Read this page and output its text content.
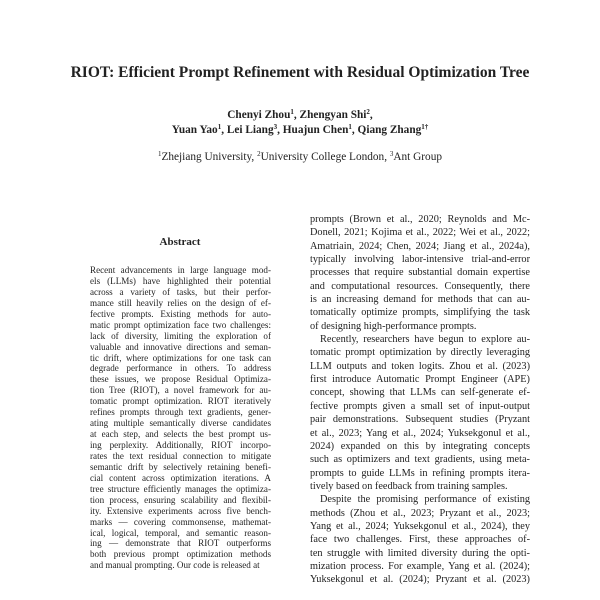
RIOT: Efficient Prompt Refinement with Residual Optimization Tree
Chenyi Zhou$^1$, Zhengyan Shi$^2$,
Yuan Yao$^1$, Lei Liang$^3$, Huajun Chen$^1$, Qiang Zhang$^{1\dagger}$
$^1$Zhejiang University, $^2$University College London, $^3$Ant Group
Abstract
Recent advancements in large language mod-
els (LLMs) have highlighted their potential
across a variety of tasks, but their perfor-
mance still heavily relies on the design of ef-
fective prompts. Existing methods for auto-
matic prompt optimization face two challenges:
lack of diversity, limiting the exploration of
valuable and innovative directions and seman-
tic drift, where optimizations for one task can
degrade performance in others. To address
these issues, we propose Residual Optimiza-
tion Tree (RIOT), a novel framework for au-
tomatic prompt optimization. RIOT iteratively
refines prompts through text gradients, gener-
ating multiple semantically diverse candidates
at each step, and selects the best prompt us-
ing perplexity. Additionally, RIOT incorpo-
rates the text residual connection to mitigate
semantic drift by selectively retaining benefi-
cial content across optimization iterations. A
tree structure efficiently manages the optimiza-
tion process, ensuring scalability and flexibil-
ity. Extensive experiments across five bench-
marks — covering commonsense, mathemat-
ical, logical, temporal, and semantic reason-
ing — demonstrate that RIOT outperforms
both previous prompt optimization methods
and manual prompting. Our code is released at
prompts (Brown et al., 2020; Reynolds and Mc-
Donell, 2021; Kojima et al., 2022; Wei et al., 2022;
Amatriain, 2024; Chen, 2024; Jiang et al., 2024a),
typically involving labor-intensive trial-and-error
processes that require substantial domain expertise
and computational resources. Consequently, there
is an increasing demand for methods that can au-
tomatically optimize prompts, simplifying the task
of designing high-performance prompts.
Recently, researchers have begun to explore au-
tomatic prompt optimization by directly leveraging
LLM outputs and token logits. Zhou et al. (2023)
first introduce Automatic Prompt Engineer (APE)
concept, showing that LLMs can self-generate ef-
fective prompts given a small set of input-output
pair demonstrations. Subsequent studies (Pryzant
et al., 2023; Yang et al., 2024; Yuksekgonul et al.,
2024) expanded on this by integrating concepts
such as optimizers and text gradients, using meta-
prompts to guide LLMs in refining prompts itera-
tively based on feedback from training samples.
Despite the promising performance of existing
methods (Zhou et al., 2023; Pryzant et al., 2023;
Yang et al., 2024; Yuksekgonul et al., 2024), they
face two challenges. First, these approaches of-
ten struggle with limited diversity during the opti-
mization process. For example, Yang et al. (2024);
Yuksekgonul et al. (2024); Pryzant et al. (2023)
